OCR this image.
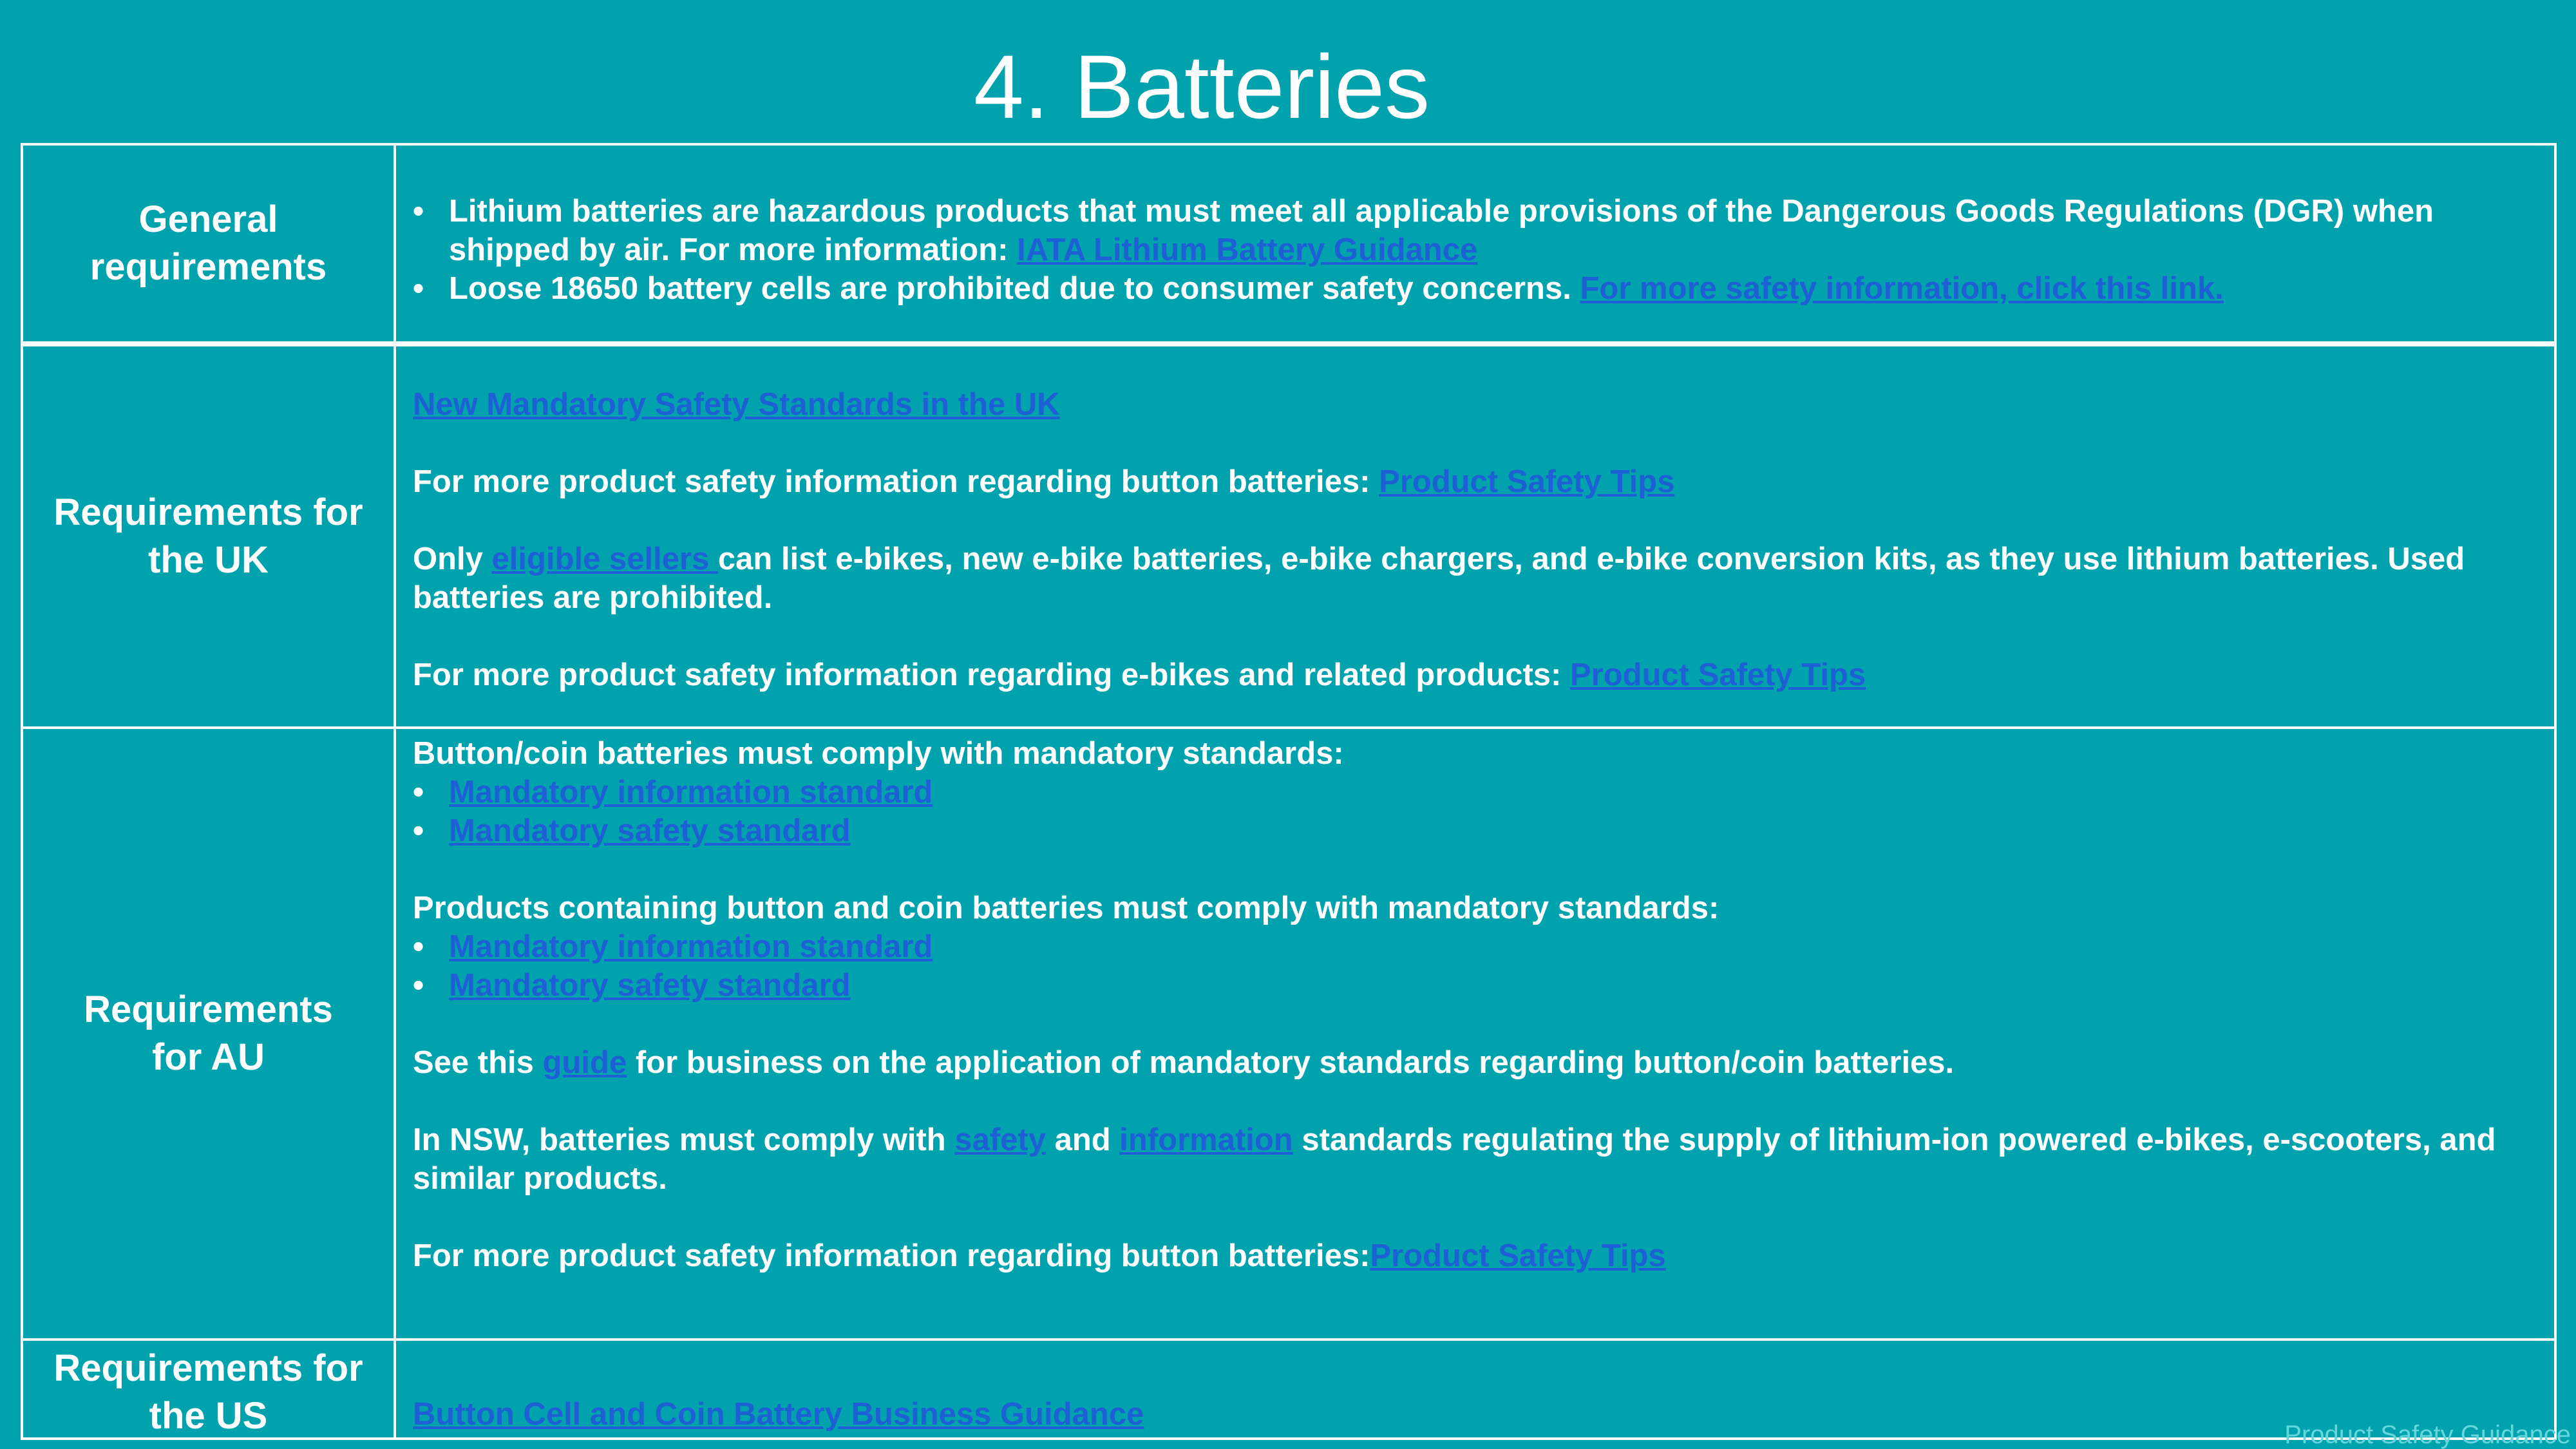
4. Batteries
General
requirements
• Lithium batteries are hazardous products that must meet all applicable provisions of the Dangerous Goods Regulations (DGR) when shipped by air. For more information: IATA Lithium Battery Guidance
• Loose 18650 battery cells are prohibited due to consumer safety concerns. For more safety information, click this link.
Requirements for
the UK

New Mandatory Safety Standards in the UK

For more product safety information regarding button batteries: Product Safety Tips

Only eligible sellers can list e-bikes, new e-bike batteries, e-bike chargers, and e-bike conversion kits, as they use lithium batteries. Used batteries are prohibited.

For more product safety information regarding e-bikes and related products: Product Safety Tips

Requirements
for AU

Button/coin batteries must comply with mandatory standards:

• Mandatory information standard
• Mandatory safety standard

Products containing button and coin batteries must comply with mandatory standards:

• Mandatory information standard
• Mandatory safety standard

See this guide for business on the application of mandatory standards regarding button/coin batteries.

In NSW, batteries must comply with safety and information standards regulating the supply of lithium-ion powered e-bikes, e-scooters, and similar products.

For more product safety information regarding button batteries:Product Safety Tips

Requirements for
the US	Button Cell and Coin Battery Business Guidance

Product Safety Guidance
